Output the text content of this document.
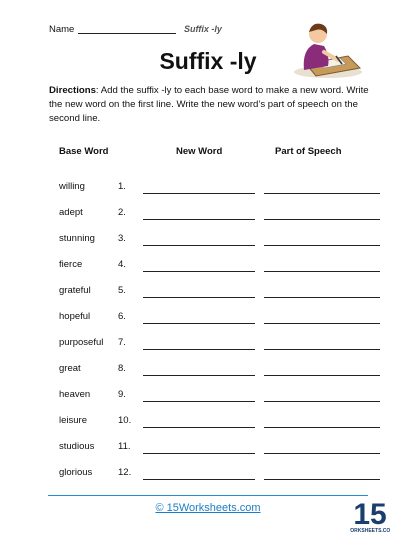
Name	Suffix -ly
Suffix -ly
Directions: Add the suffix -ly to each base word to make a new word. Write the new word on the first line. Write the new word’s part of speech on the second line.
Base Word	New Word	Part of Speech
willing	1.
adept	2.
stunning 3.
fierce	4.
grateful	5.
hopeful	6.
purposeful 7.
great	8.
heaven	9.
leisure	10.
studious 11.
glorious	12.
© 15Worksheets.com	15
ORKSHEETS.CO
